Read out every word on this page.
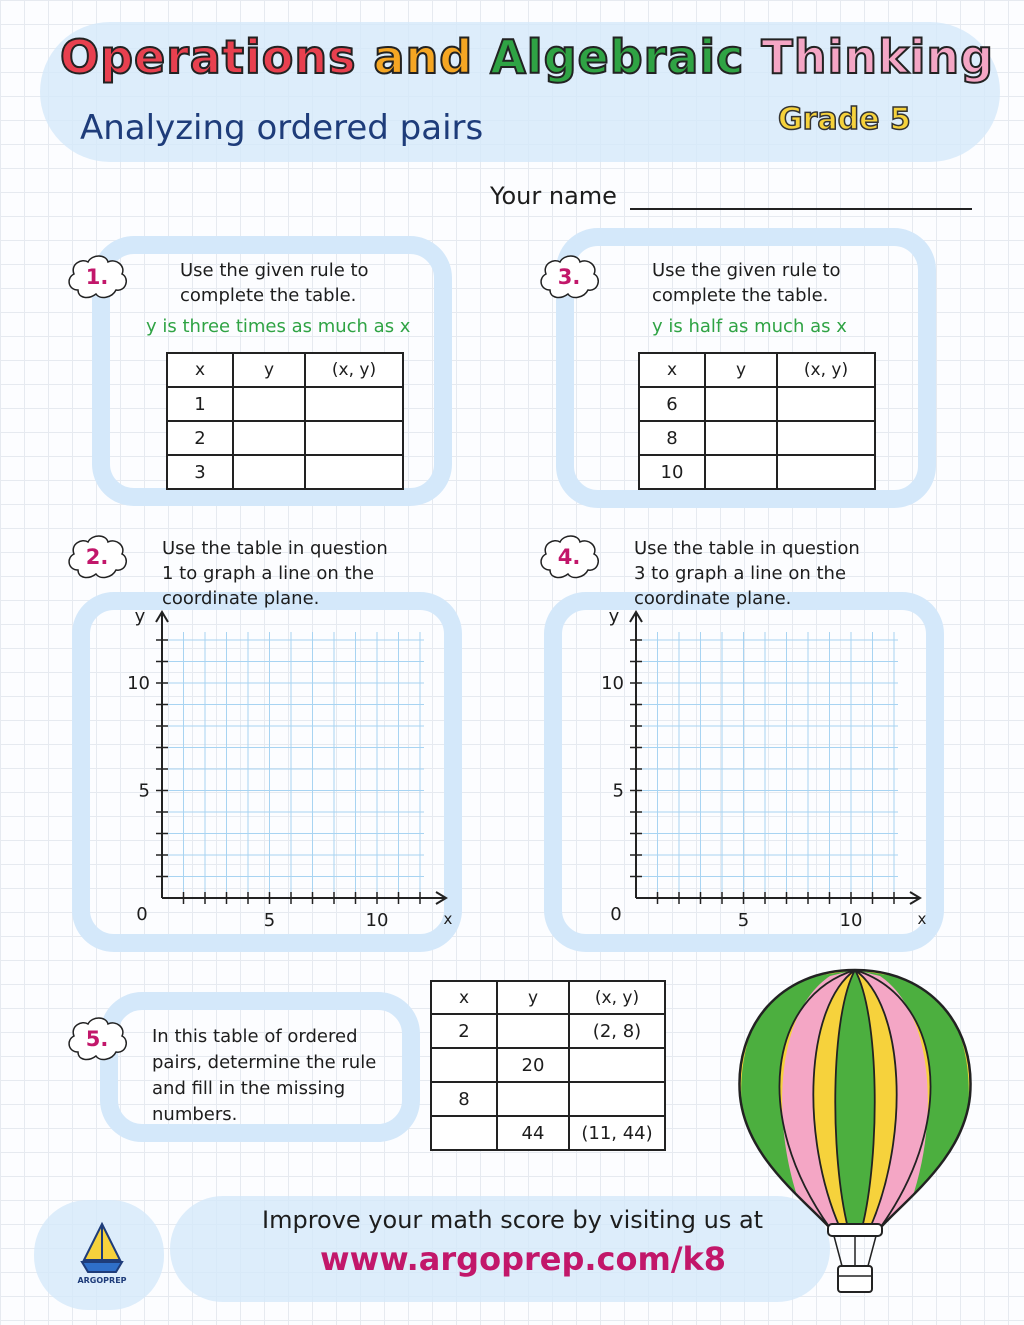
Operations and Algebraic Thinking
Analyzing ordered pairs	Grade 5
Your name
1.	3.
2.	4.
5.
Use the given rule to
complete the table.
y is three times as much as x
x	y	(x, y)
1		
2		
3		
Use the given rule to
complete the table.
y is half as much as x
x	y	(x, y)
6		
8		
10		
Use the table in question
1 to graph a line on the
coordinate plane.
5	10
5
10
0
y
x
Use the table in question
3 to graph a line on the
coordinate plane.
5	10
5
10
0
y
x
In this table of ordered
pairs, determine the rule
and fill in the missing
numbers.
x	y	(x, y)
2		(2, 8)
	20	
8		
	44	(11, 44)
Improve your math score by visiting us at
www.argoprep.com/k8
ARGOPREP
